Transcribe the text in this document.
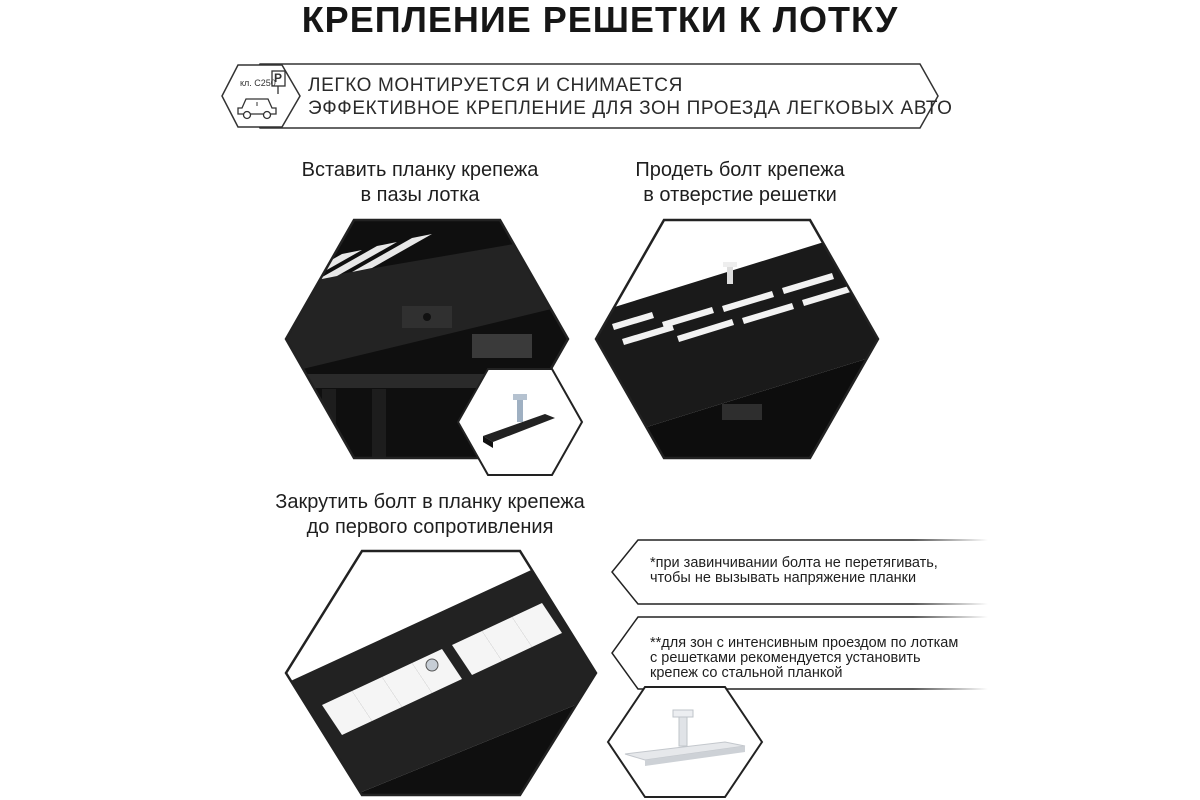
КРЕПЛЕНИЕ РЕШЕТКИ К ЛОТКУ
кл. C250
P ЛЕГКО МОНТИРУЕТСЯ И СНИМАЕТСЯ
ЭФФЕКТИВНОЕ КРЕПЛЕНИЕ ДЛЯ ЗОН ПРОЕЗДА ЛЕГКОВЫХ АВТО
Вставить планку крепежа
в пазы лотка
Продеть болт крепежа
в отверстие решетки
Закрутить болт в планку крепежа
до первого сопротивления
*при завинчивании болта не перетягивать,
чтобы не вызывать напряжение планки
**для зон с интенсивным проездом по лоткам
с решетками рекомендуется установить
крепеж со стальной планкой
